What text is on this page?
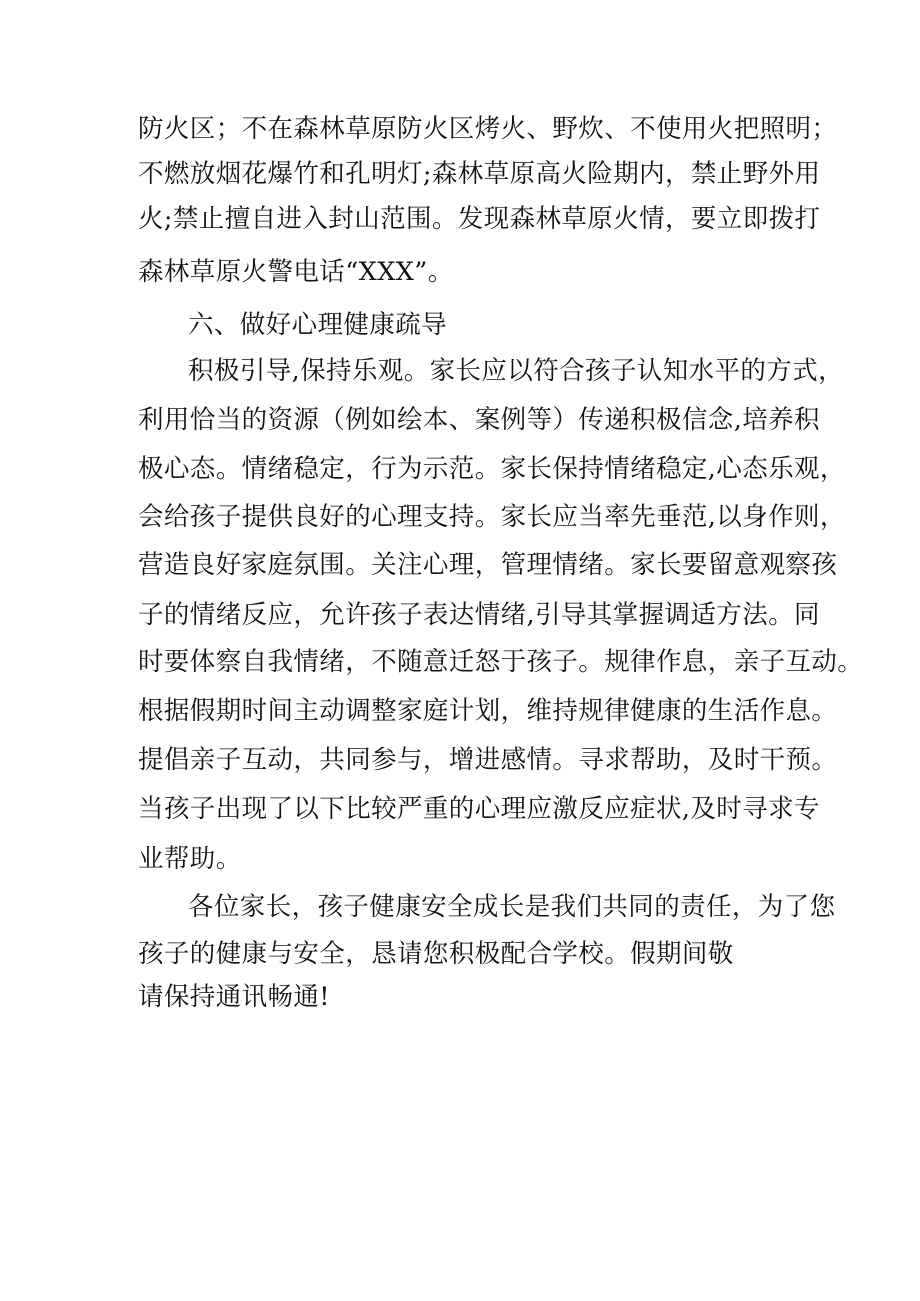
防火区；不在森林草原防火区烤火、野炊、不使用火把照明；
不燃放烟花爆竹和孔明灯;森林草原高火险期内，禁止野外用
火;禁止擅自进入封山范围。发现森林草原火情，要立即拨打
森林草原火警电话“XXX”。
六、做好心理健康疏导
积极引导,保持乐观。家长应以符合孩子认知水平的方式，
利用恰当的资源（例如绘本、案例等）传递积极信念,培养积
极心态。情绪稳定，行为示范。家长保持情绪稳定,心态乐观，
会给孩子提供良好的心理支持。家长应当率先垂范,以身作则，
营造良好家庭氛围。关注心理，管理情绪。家长要留意观察孩
子的情绪反应，允许孩子表达情绪,引导其掌握调适方法。同
时要体察自我情绪，不随意迁怒于孩子。规律作息，亲子互动。
根据假期时间主动调整家庭计划，维持规律健康的生活作息。
提倡亲子互动，共同参与，增进感情。寻求帮助，及时干预。
当孩子出现了以下比较严重的心理应激反应症状,及时寻求专
业帮助。
各位家长，孩子健康安全成长是我们共同的责任，为了您
孩子的健康与安全，恳请您积极配合学校。假期间敬
请保持通讯畅通!
